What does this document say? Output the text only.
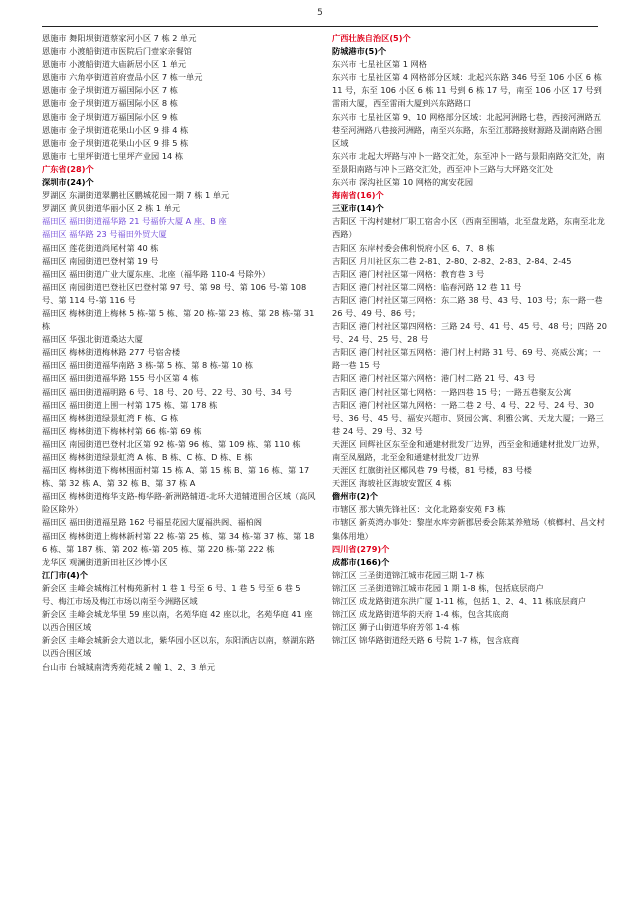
5
恩施市 舞阳坝街道蔡家河小区 7 栋 2 单元
恩施市 小渡船街道市医院后门壹家亲餐馆
恩施市 小渡船街道大庙新居小区 1 单元
恩施市 六角亭街道首府壹品小区 7 栋一单元
恩施市 金子坝街道万福国际小区 7 栋
恩施市 金子坝街道万福国际小区 8 栋
恩施市 金子坝街道万福国际小区 9 栋
恩施市 金子坝街道花果山小区 9 排 4 栋
恩施市 金子坝街道花果山小区 9 排 5 栋
恩施市 七里坪街道七里坪产业园 14 栋
广东省(28)个
深圳市(24)个
罗湖区 东湖街道翠鹏社区鹏城花园一期 7 栋 1 单元
罗湖区 黄贝街道华丽小区 2 栋 1 单元
福田区 福田街道福华路 21 号福侨大厦 A 座、B 座
福田区 福华路 23 号福田外贸大厦
福田区 莲花街道尚尾村第 40 栋
福田区 南园街道巴登村第 19 号
福田区 福田街道广业大厦东座、北座（福华路 110-4 号除外）
福田区 南园街道巴登社区巴登村第 97 号、第 98 号、第 106 号-第 108 号、第 114 号-第 116 号
福田区 梅林街道上梅林 5 栋-第 5 栋、第 20 栋-第 23 栋、第 28 栋-第 31 栋
福田区 华强北街道桑达大厦
福田区 梅林街道梅林路 277 号宿舍楼
福田区 福田街道福华南路 3 栋-第 5 栋、第 8 栋-第 10 栋
福田区 福田街道福华路 155 号小区第 4 栋
福田区 福田街道福明路 6 号、18 号、20 号、22 号、30 号、34 号
福田区 福田街道上围一村第 175 栋、第 178 栋
福田区 梅林街道绿景虹湾 F 栋、G 栋
福田区 梅林街道下梅林村第 66 栋-第 69 栋
福田区 南园街道巴登村北区第 92 栋-第 96 栋、第 109 栋、第 110 栋
福田区 梅林街道绿景虹湾 A 栋、B 栋、C 栋、D 栋、E 栋
福田区 梅林街道下梅林围面村第 15 栋 A、第 15 栋 B、第 16 栋、第 17 栋、第 32 栋 A、第 32 栋 B、第 37 栋 A
福田区 梅林街道梅华支路-梅华路-新洲路辅道-北环大道辅道围合区域（高风险区除外）
福田区 福田街道福星路 162 号福星花园大厦福洪阁、福柏阁
福田区 梅林街道上梅林新村第 22 栋-第 25 栋、第 34 栋-第 37 栋、第 186 栋、第 187 栋、第 202 栋-第 205 栋、第 220 栋-第 222 栋
龙华区 观澜街道新田社区沙博小区
江门市(4)个
新会区 圭峰会城梅江村梅苑新村 1 巷 1 号至 6 号、1 巷 5 号至 6 巷 5 号、梅江市场及梅江市场以南至今洲路区域
新会区 圭峰会城龙华里 59 座以南，名苑华庭 42 座以北，名苑华庭 41 座以西合围区域
新会区 圭峰会城新会大道以北，紫华园小区以东，东阳酒店以南，蔡湖东路以西合围区域
台山市 台城城南湾秀苑花城 2 幢 1、2、3 单元
广西壮族自治区(5)个
防城港市(5)个
东兴市 七星社区第 1 网格
东兴市 七星社区第 4 网格部分区域：北起兴东路 346 号至 106 小区 6 栋 11 号，东至 106 小区 6 栋 11 号到 6 栋 17 号，南至 106 小区 17 号到雷雨大厦，西至雷雨大厦到兴东路路口
东兴市 七星社区第 9、10 网格部分区域：北起河洲路七巷，西接河洲路五巷至河洲路八巷接河洲路，南至兴东路，东至江那路接财源路及湖南路合围区域
东兴市 北起大坪路与冲卜一路交汇处，东至冲卜一路与景阳南路交汇处，南至景阳南路与冲卜三路交汇处，西至冲卜三路与大坪路交汇处
东兴市 深沟社区第 10 网格的寓安花园
海南省(16)个
三亚市(14)个
吉阳区 干沟村建材厂职工宿舍小区（西南至围墙，北至盘龙路，东南至北龙西路）
吉阳区 东岸村委会佛利悦府小区 6、7、8 栋
吉阳区 月川社区东二巷 2-81、2-80、2-82、2-83、2-84、2-45
吉阳区 港门村社区第一网格：教育巷 3 号
吉阳区 港门村社区第二网格：临春河路 12 巷 11 号
吉阳区 港门村社区第三网格：东二路 38 号、43 号、103 号；东一路一巷 26 号、49 号、86 号；
吉阳区 港门村社区第四网格：三路 24 号、41 号、45 号、48 号；四路 20 号、24 号、25 号、28 号
吉阳区 港门村社区第五网格：港门村上村路 31 号、69 号、亮威公寓；一路一巷 15 号
吉阳区 港门村社区第六网格：港门村二路 21 号、43 号
吉阳区 港门村社区第七网格：一路四巷 15 号；一路五巷聚友公寓
吉阳区 港门村社区第九网格：一路二巷 2 号、4 号、22 号、24 号、30 号、36 号、45 号、福安兴超市、贤园公寓、利雅公寓、天龙大厦；一路三巷 24 号、29 号、32 号
天涯区 回辉社区东至金和通建材批发厂边界，西至金和通建材批发厂边界，南至凤凰路，北至金和通建材批发厂边界
天涯区 红旗街社区椰风巷 79 号楼，81 号楼，83 号楼
天涯区 海坡社区海坡安置区 4 栋
儋州市(2)个
市辖区 那大镇先锋社区：文化北路泰安苑 F3 栋
市辖区 新英湾办事处：黎崖水库旁新郡居委会陈某养殖场（槟榔村、昌文村集体用地）
四川省(279)个
成都市(166)个
锦江区 三圣街道锦江城市花园三期 1-7 栋
锦江区 三圣街道锦江城市花园 1 期 1-8 栋，包括底层商户
锦江区 成龙路街道东洪广厦 1-11 栋，包括 1、2、4、11 栋底层商户
锦江区 成龙路街道华韵天府 1-4 栋，包含其底商
锦江区 狮子山街道华府芳邻 1-4 栋
锦江区 锦华路街道经天路 6 号院 1-7 栋，包含底商
